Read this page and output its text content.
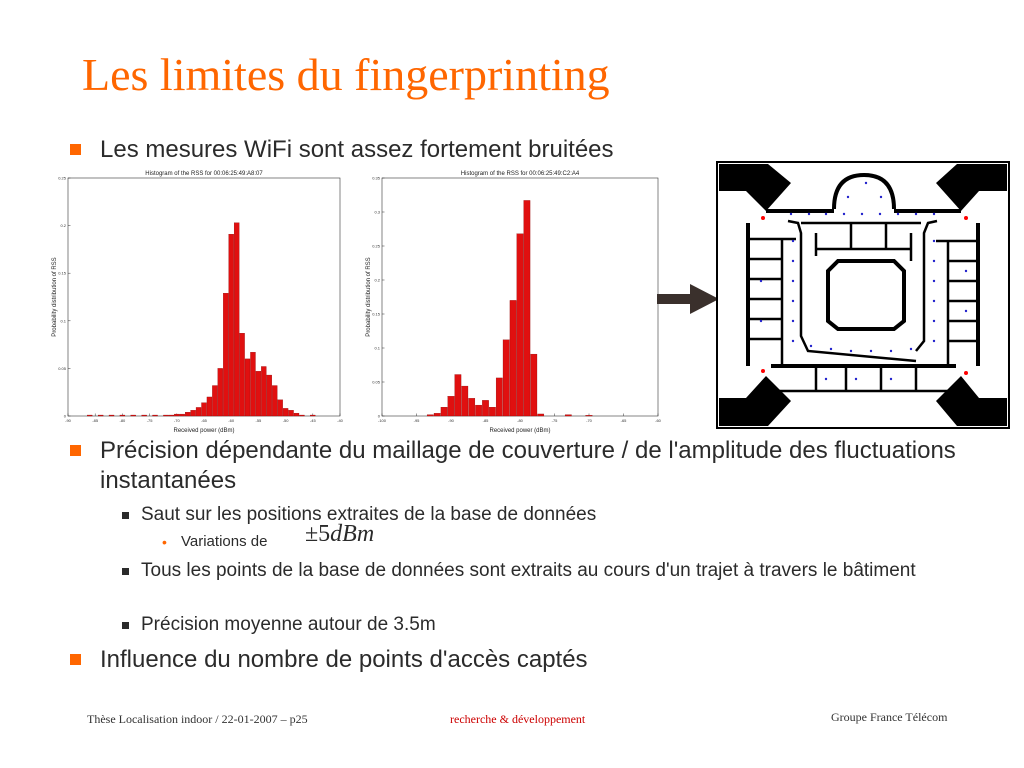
Les limites du fingerprinting
Les mesures WiFi sont assez fortement bruitées
Histogram of the RSS for 00:06:25:49:A8:07
Received power (dBm)
Probability distribution of RSS
0
0.05
0.1
0.15
0.2
0.25
-90	-85	-80	-75	-70	-65	-60	-55	-50	-45	-40
Histogram of the RSS for 00:06:25:49:C2:A4
Received power (dBm)
Probability distribution of RSS
0
0.05
0.1
0.15
0.2
0.25
0.3
0.35
-100	-95	-90	-85	-80	-75	-70	-65	-60
Précision dépendante du maillage de couverture / de l'amplitude des fluctuations instantanées
Saut sur les positions extraites de la base de données
• Variations de ±5dBm
Tous les points de la base de données sont extraits au cours d'un trajet à travers le bâtiment
Précision moyenne autour de 3.5m
Influence du nombre de points d'accès captés
Thèse Localisation indoor / 22-01-2007 – p25	recherche & développement	Groupe France Télécom
